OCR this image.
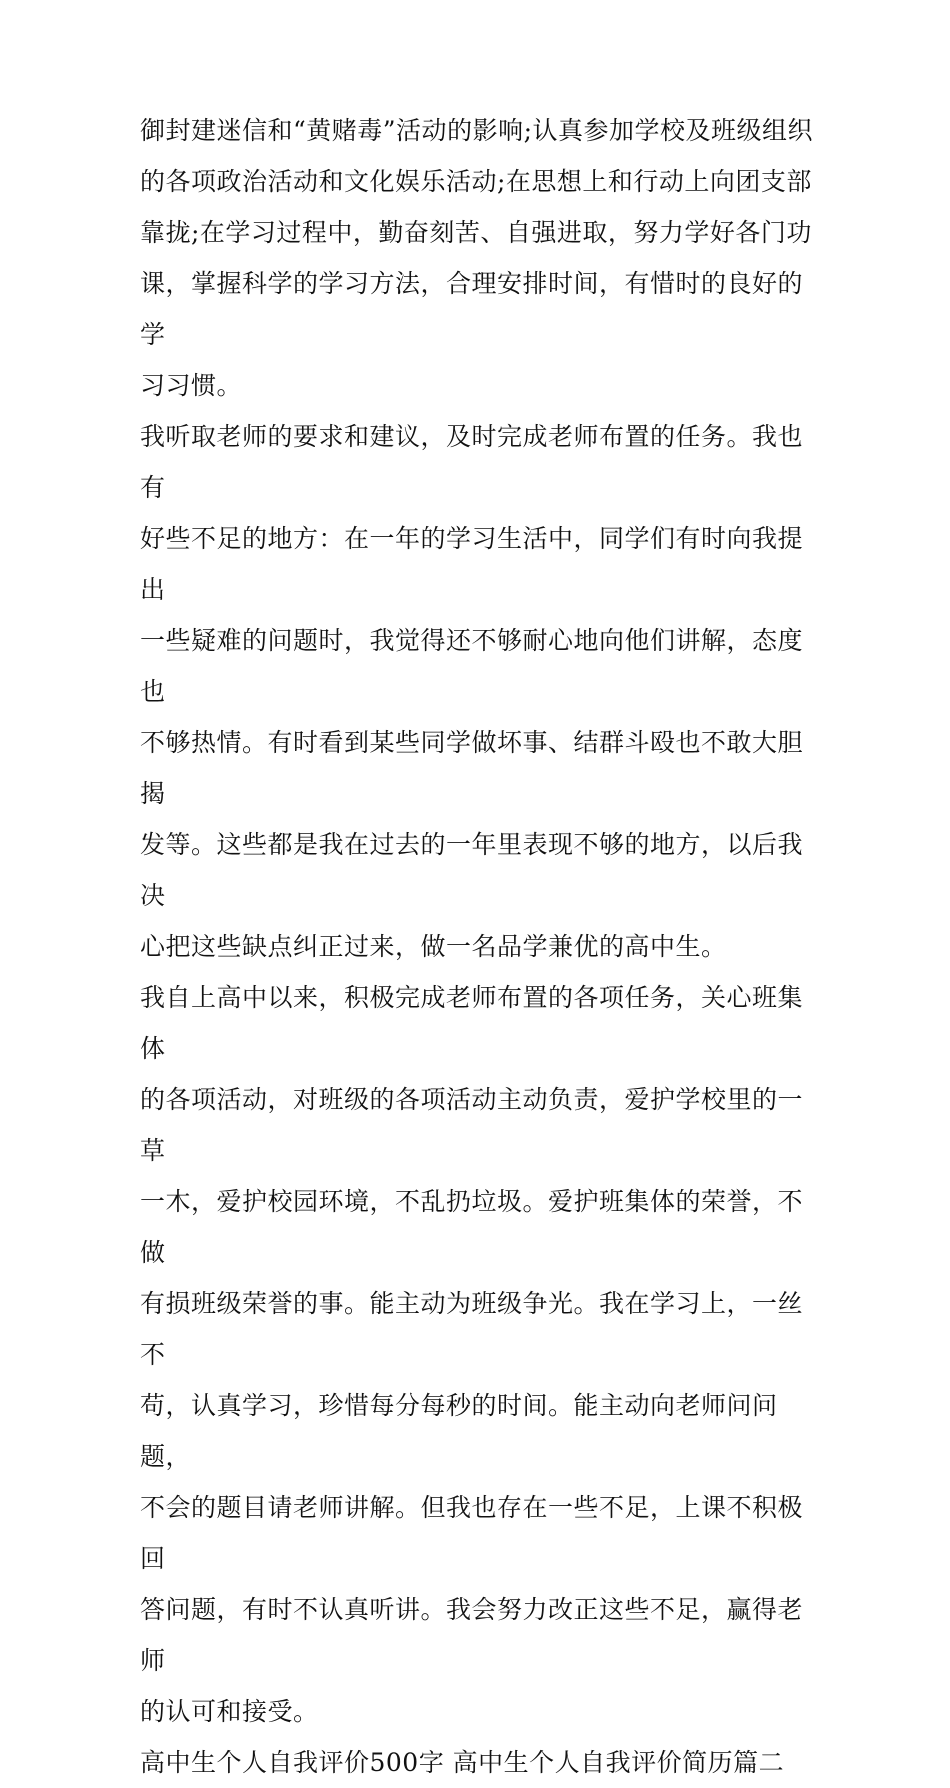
御封建迷信和“黄赌毒”活动的影响;认真参加学校及班级组织
的各项政治活动和文化娱乐活动;在思想上和行动上向团支部
靠拢;在学习过程中，勤奋刻苦、自强进取，努力学好各门功
课，掌握科学的学习方法，合理安排时间，有惜时的良好的学
习习惯。

我听取老师的要求和建议，及时完成老师布置的任务。我也有
好些不足的地方：在一年的学习生活中，同学们有时向我提出
一些疑难的问题时，我觉得还不够耐心地向他们讲解，态度也
不够热情。有时看到某些同学做坏事、结群斗殴也不敢大胆揭
发等。这些都是我在过去的一年里表现不够的地方，以后我决
心把这些缺点纠正过来，做一名品学兼优的高中生。

我自上高中以来，积极完成老师布置的各项任务，关心班集体
的各项活动，对班级的各项活动主动负责，爱护学校里的一草
一木，爱护校园环境，不乱扔垃圾。爱护班集体的荣誉，不做
有损班级荣誉的事。能主动为班级争光。我在学习上，一丝不
苟，认真学习，珍惜每分每秒的时间。能主动向老师问问题，
不会的题目请老师讲解。但我也存在一些不足，上课不积极回
答问题，有时不认真听讲。我会努力改正这些不足，赢得老师
的认可和接受。

高中生个人自我评价500字 高中生个人自我评价简历篇二
